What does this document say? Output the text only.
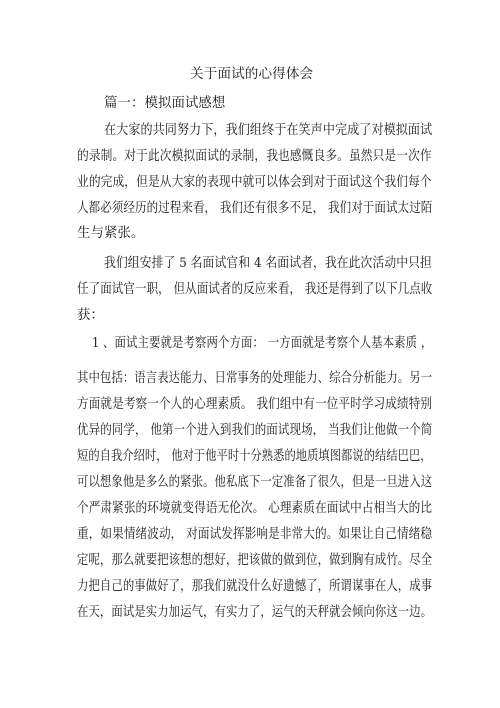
关于面试的心得体会
篇一：模拟面试感想
在大家的共同努力下，我们组终于在笑声中完成了对模拟面试
的录制。对于此次模拟面试的录制，我也感慨良多。虽然只是一次作
业的完成，但是从大家的表现中就可以体会到对于面试这个我们每个
人都必须经历的过程来看， 我们还有很多不足， 我们对于面试太过陌
生与紧张。
我们组安排了 5 名面试官和 4 名面试者，我在此次活动中只担
任了面试官一职， 但从面试者的反应来看， 我还是得到了以下几点收
获：
1 、面试主要就是考察两个方面： 一方面就是考察个人基本素质 ，
其中包括：语言表达能力、日常事务的处理能力、综合分析能力。另一
方面就是考察一个人的心理素质。 我们组中有一位平时学习成绩特别
优异的同学， 他第一个进入到我们的面试现场， 当我们让他做一个简
短的自我介绍时， 他对于他平时十分熟悉的地质填图都说的结结巴巴，
可以想象他是多么的紧张。他私底下一定准备了很久，但是一旦进入这
个严肃紧张的环境就变得语无伦次。 心理素质在面试中占相当大的比
重，如果情绪波动， 对面试发挥影响是非常大的。如果让自己情绪稳
定呢，那么就要把该想的想好，把该做的做到位，做到胸有成竹。尽全
力把自己的事做好了，那我们就没什么好遗憾了，所谓谋事在人，成事
在天，面试是实力加运气，有实力了，运气的天秤就会倾向你这一边。
